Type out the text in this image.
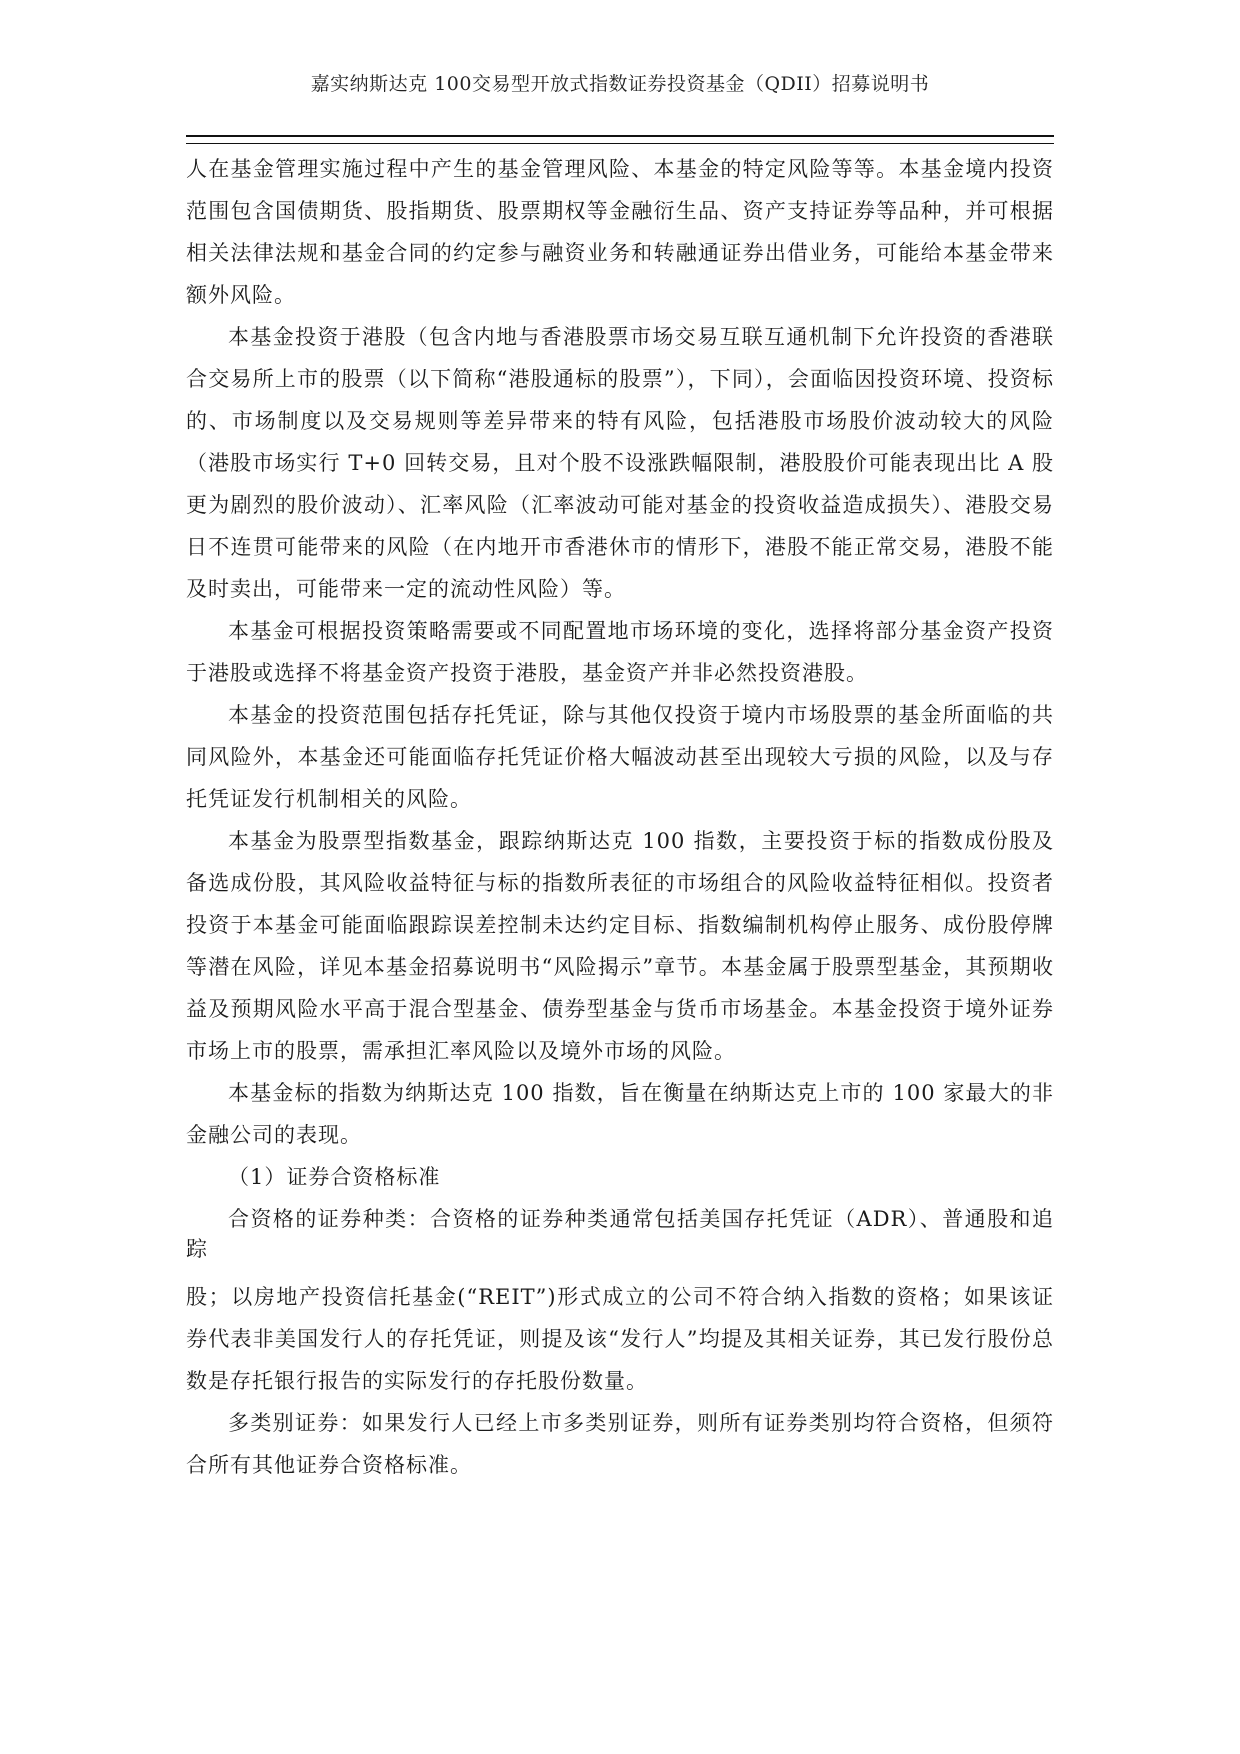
嘉实纳斯达克 100交易型开放式指数证券投资基金（QDII）招募说明书

人在基金管理实施过程中产生的基金管理风险、本基金的特定风险等等。本基金境内投资范围包含国债期货、股指期货、股票期权等金融衍生品、资产支持证券等品种，并可根据相关法律法规和基金合同的约定参与融资业务和转融通证券出借业务，可能给本基金带来额外风险。

本基金投资于港股（包含内地与香港股票市场交易互联互通机制下允许投资的香港联合交易所上市的股票（以下简称“港股通标的股票”），下同），会面临因投资环境、投资标的、市场制度以及交易规则等差异带来的特有风险，包括港股市场股价波动较大的风险（港股市场实行 T+0 回转交易，且对个股不设涨跌幅限制，港股股价可能表现出比 A 股更为剧烈的股价波动）、汇率风险（汇率波动可能对基金的投资收益造成损失）、港股交易日不连贯可能带来的风险（在内地开市香港休市的情形下，港股不能正常交易，港股不能及时卖出，可能带来一定的流动性风险）等。

本基金可根据投资策略需要或不同配置地市场环境的变化，选择将部分基金资产投资于港股或选择不将基金资产投资于港股，基金资产并非必然投资港股。

本基金的投资范围包括存托凭证，除与其他仅投资于境内市场股票的基金所面临的共同风险外，本基金还可能面临存托凭证价格大幅波动甚至出现较大亏损的风险，以及与存托凭证发行机制相关的风险。

本基金为股票型指数基金，跟踪纳斯达克 100 指数，主要投资于标的指数成份股及备选成份股，其风险收益特征与标的指数所表征的市场组合的风险收益特征相似。投资者投资于本基金可能面临跟踪误差控制未达约定目标、指数编制机构停止服务、成份股停牌等潜在风险，详见本基金招募说明书“风险揭示”章节。本基金属于股票型基金，其预期收益及预期风险水平高于混合型基金、债券型基金与货币市场基金。本基金投资于境外证券市场上市的股票，需承担汇率风险以及境外市场的风险。

本基金标的指数为纳斯达克 100 指数，旨在衡量在纳斯达克上市的 100 家最大的非金融公司的表现。

（1）证券合资格标准

合资格的证券种类：合资格的证券种类通常包括美国存托凭证（ADR）、普通股和追踪

股；以房地产投资信托基金(“REIT”)形式成立的公司不符合纳入指数的资格；如果该证券代表非美国发行人的存托凭证，则提及该“发行人”均提及其相关证券，其已发行股份总数是存托银行报告的实际发行的存托股份数量。

多类别证券：如果发行人已经上市多类别证券，则所有证券类别均符合资格，但须符合所有其他证券合资格标准。
